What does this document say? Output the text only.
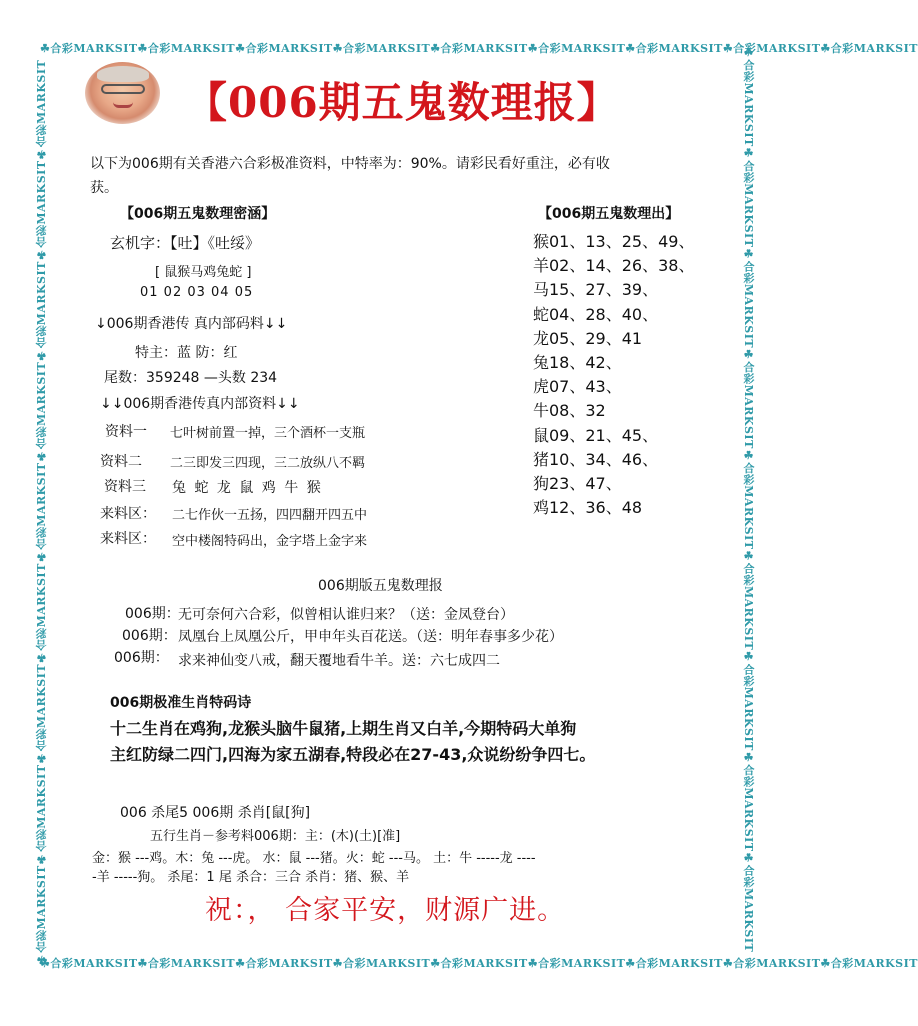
☘合彩MARKSIT☘合彩MARKSIT☘合彩MARKSIT☘合彩MARKSIT☘合彩MARKSIT☘合彩MARKSIT☘合彩MARKSIT☘合彩MARKSIT☘合彩MARKSIT
☘合彩MARKSIT☘合彩MARKSIT☘合彩MARKSIT☘合彩MARKSIT☘合彩MARKSIT☘合彩MARKSIT☘合彩MARKSIT☘合彩MARKSIT☘合彩MARKSIT
☘合彩MARKSIT☘合彩MARKSIT☘合彩MARKSIT☘合彩MARKSIT☘合彩MARKSIT☘合彩MARKSIT☘合彩MARKSIT☘合彩MARKSIT☘合彩MARKSIT	☘合彩MARKSIT☘合彩MARKSIT☘合彩MARKSIT☘合彩MARKSIT☘合彩MARKSIT☘合彩MARKSIT☘合彩MARKSIT☘合彩MARKSIT☘合彩MARKSIT
【006期五鬼数理报】
以下为006期有关香港六合彩极准资料，中特率为：90%。请彩民看好重注，必有收
获。
【006期五鬼数理密涵】
玄机字：【吐】《吐绥》
[ 鼠猴马鸡兔蛇 ]
01 02 03 04 05
↓006期香港传 真内部码料↓↓
特主：蓝 防：红
尾数：359248 —头数 234
↓↓006期香港传真内部资料↓↓
资料一 七叶树前置一掉，三个酒杯一支瓶
资料二 二三即发三四现，三二放纵八不羁
资料三 兔 蛇 龙 鼠 鸡 牛 猴
来料区： 二七作伙一五扬，四四翻开四五中
来料区： 空中楼阁特码出，金字塔上金字来
【006期五鬼数理出】
猴01、13、25、49、
羊02、14、26、38、
马15、27、39、
蛇04、28、40、
龙05、29、41
兔18、42、
虎07、43、
牛08、32
鼠09、21、45、
猪10、34、46、
狗23、47、
鸡12、36、48
006期版五鬼数理报
006期：
无可奈何六合彩，似曾相认谁归来？（送：金凤登台）
006期： 凤凰台上凤凰公斤，甲申年头百花送。（送：明年春事多少花）
006期： 求来神仙变八戒，翻天覆地看牛羊。送：六七成四二
006期极准生肖特码诗
十二生肖在鸡狗,龙猴头脑牛鼠猪,上期生肖又白羊,今期特码大单狗
主红防绿二四门,四海为家五湖春,特段必在27-43,众说纷纷争四七。
006 杀尾5 006期 杀肖[鼠[狗]
五行生肖－参考料006期：主：(木)(土)[准]
金：猴 ---鸡。木：兔 ---虎。 水：鼠 ---猪。火：蛇 ---马。 土：牛 -----龙 ----
-羊 -----狗。 杀尾：1 尾 杀合：三合 杀肖：猪、猴、羊
祝：， 合家平安，财源广进。
